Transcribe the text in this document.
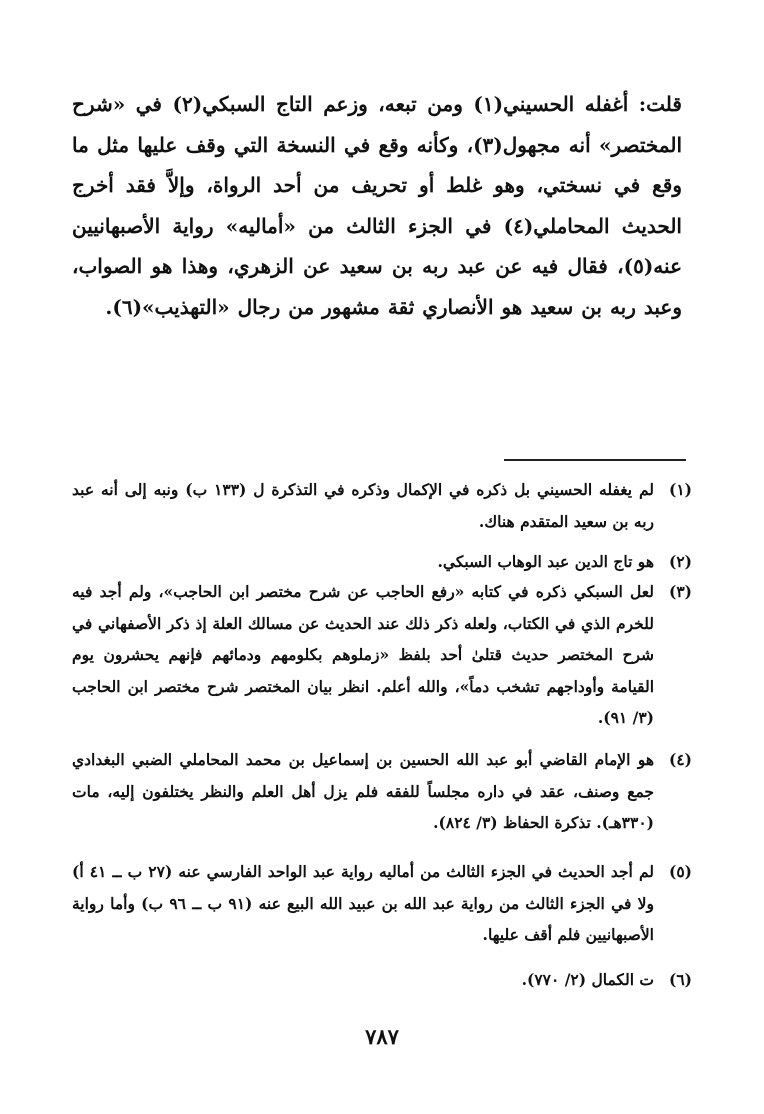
قلت: أغفله الحسيني(١) ومن تبعه، وزعم التاج السبكي(٢) في «شرح المختصر» أنه مجهول(٣)، وكأنه وقع في النسخة التي وقف عليها مثل ما وقع في نسختي، وهو غلط أو تحريف من أحد الرواة، وإلاَّ فقد أخرج الحديث المحاملي(٤) في الجزء الثالث من «أماليه» رواية الأصبهانيين عنه(٥)، فقال فيه عن عبد ربه بن سعيد عن الزهري، وهذا هو الصواب، وعبد ربه بن سعيد هو الأنصاري ثقة مشهور من رجال «التهذيب»(٦).

(١)
لم يغفله الحسيني بل ذكره في الإكمال وذكره في التذكرة ل (١٣٣ ب) ونبه إلى أنه عبد ربه بن سعيد المتقدم هناك.
(٢)
هو تاج الدين عبد الوهاب السبكي.
(٣)
لعل السبكي ذكره في كتابه «رفع الحاجب عن شرح مختصر ابن الحاجب»، ولم أجد فيه للخرم الذي في الكتاب، ولعله ذكر ذلك عند الحديث عن مسالك العلة إذ ذكر الأصفهاني في شرح المختصر حديث قتلىٰ أحد بلفظ «زملوهم بكلومهم ودمائهم فإنهم يحشرون يوم القيامة وأوداجهم تشخب دماً»، والله أعلم. انظر بيان المختصر شرح مختصر ابن الحاجب (٣/ ٩١).
(٤)
هو الإمام القاضي أبو عبد الله الحسين بن إسماعيل بن محمد المحاملي الضبي البغدادي جمع وصنف، عقد في داره مجلساً للفقه فلم يزل أهل العلم والنظر يختلفون إليه، مات (٣٣٠هـ). تذكرة الحفاظ (٣/ ٨٢٤).
(٥)
لم أجد الحديث في الجزء الثالث من أماليه رواية عبد الواحد الفارسي عنه (٢٧ ب ــ ٤١ أ) ولا في الجزء الثالث من رواية عبد الله بن عبيد الله البيع عنه (٩١ ب ــ ٩٦ ب) وأما رواية الأصبهانيين فلم أقف عليها.
(٦)
ت الكمال (٢/ ٧٧٠).
٧٨٧
